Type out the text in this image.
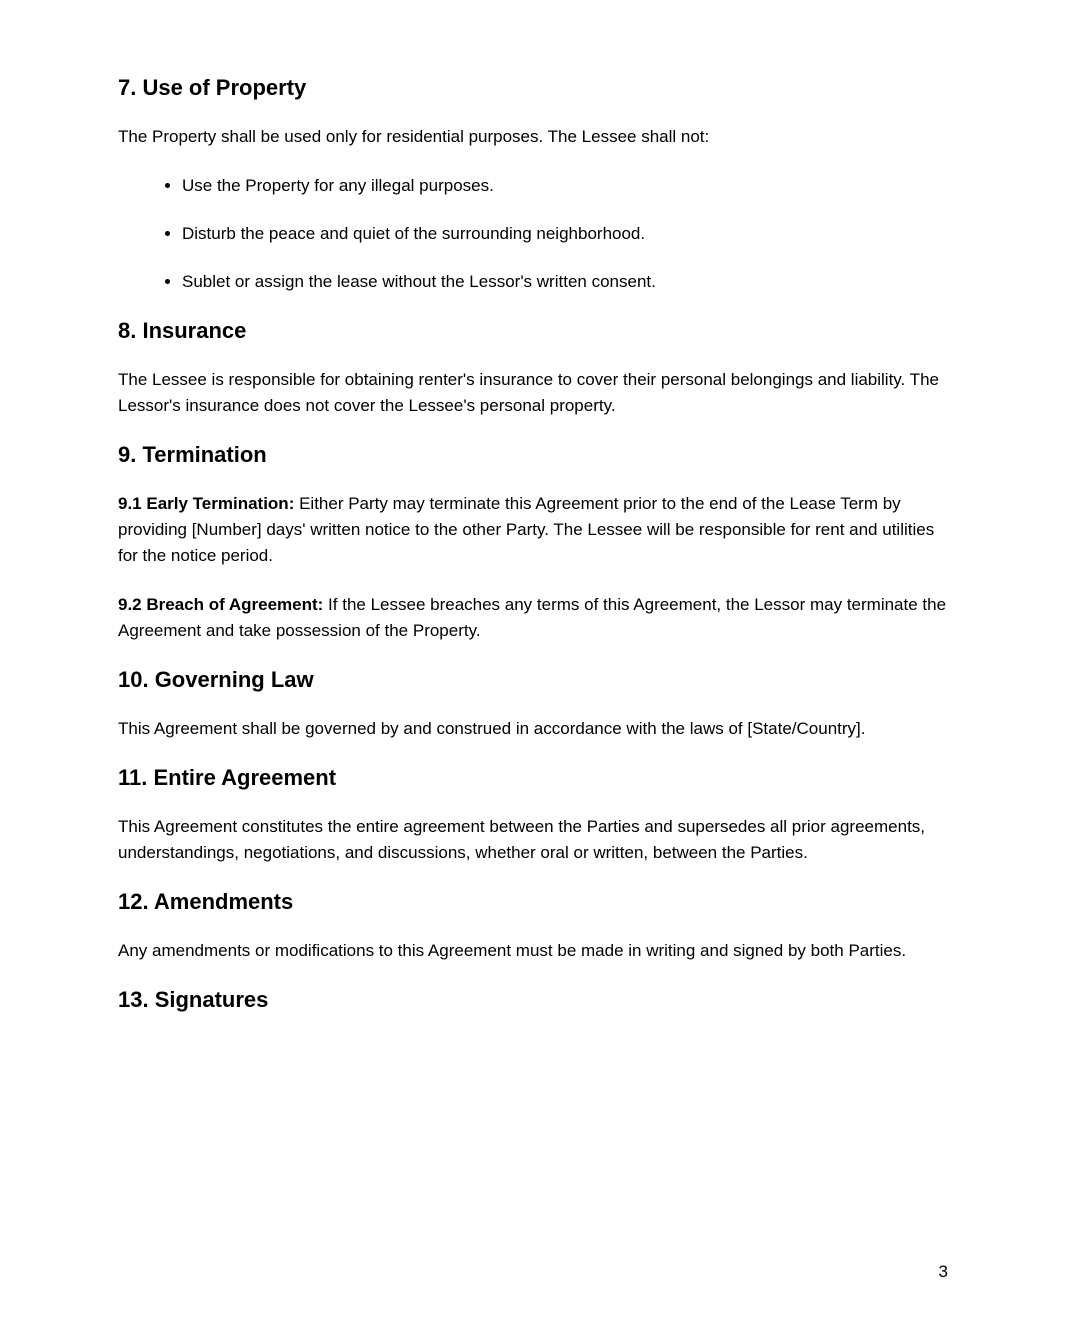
7. Use of Property

The Property shall be used only for residential purposes. The Lessee shall not:

• Use the Property for any illegal purposes.
• Disturb the peace and quiet of the surrounding neighborhood.
• Sublet or assign the lease without the Lessor's written consent.
8. Insurance

The Lessee is responsible for obtaining renter's insurance to cover their personal belongings and liability. The Lessor's insurance does not cover the Lessee's personal property.

9. Termination

9.1 Early Termination: Either Party may terminate this Agreement prior to the end of the Lease Term by providing [Number] days' written notice to the other Party. The Lessee will be responsible for rent and utilities for the notice period.

9.2 Breach of Agreement: If the Lessee breaches any terms of this Agreement, the Lessor may terminate the Agreement and take possession of the Property.

10. Governing Law

This Agreement shall be governed by and construed in accordance with the laws of [State/Country].

11. Entire Agreement

This Agreement constitutes the entire agreement between the Parties and supersedes all prior agreements, understandings, negotiations, and discussions, whether oral or written, between the Parties.

12. Amendments

Any amendments or modifications to this Agreement must be made in writing and signed by both Parties.

13. Signatures
3
